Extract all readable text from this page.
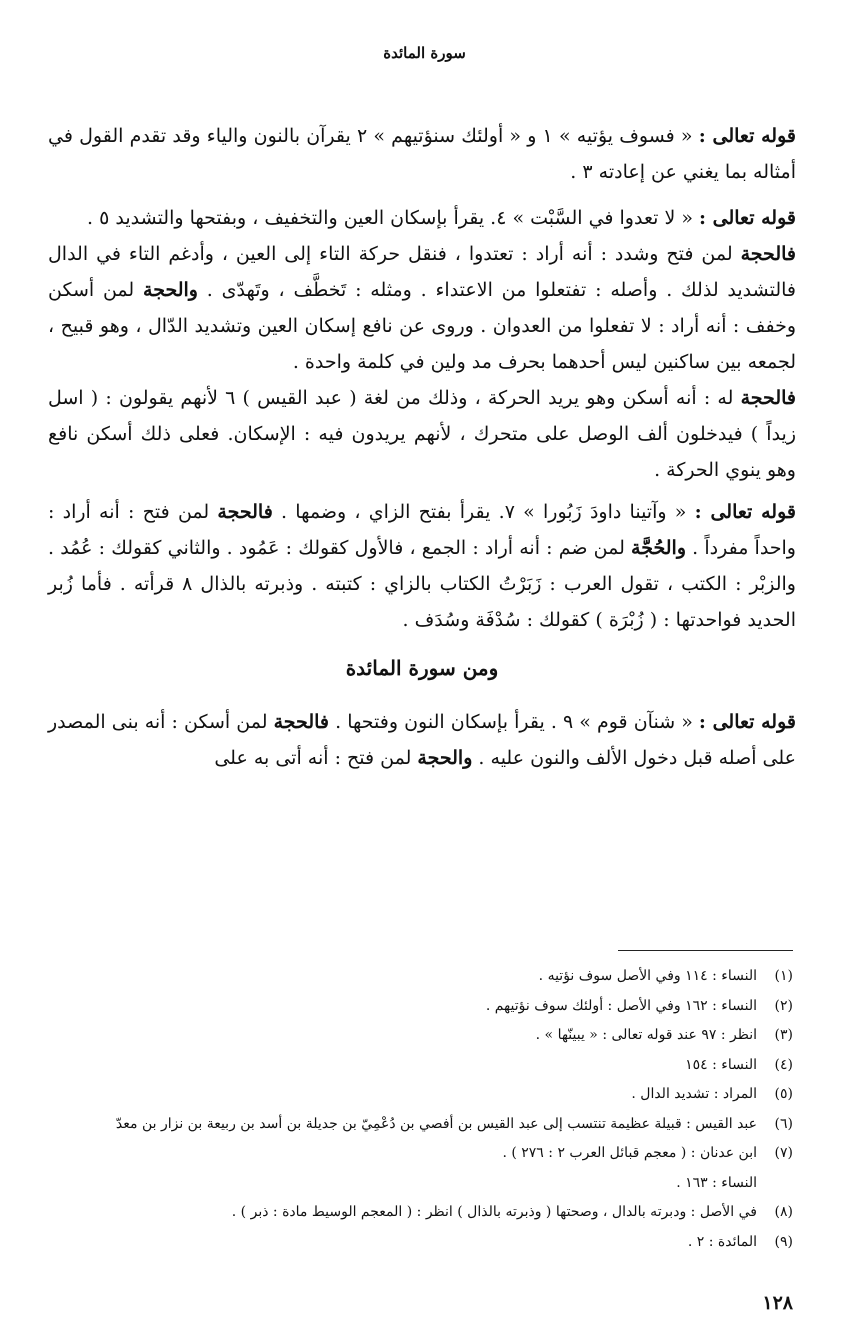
سورة المائدة

قوله تعالى : « فسوف يؤتيه » ١ و « أولئك سنؤتيهم » ٢ يقرآن بالنون والياء وقد تقدم القول في أمثاله بما يغني عن إعادته ٣ .

قوله تعالى : « لا تعدوا في السَّبْت » ٤. يقرأ بإسكان العين والتخفيف ، وبفتحها والتشديد ٥ .
فالحجة لمن فتح وشدد : أنه أراد : تعتدوا ، فنقل حركة التاء إلى العين ، وأدغم التاء في الدال فالتشديد لذلك . وأصله : تفتعلوا من الاعتداء . ومثله : تَخطَّف ، وتَهدّى . والحجة لمن أسكن وخفف : أنه أراد : لا تفعلوا من العدوان . وروى عن نافع إسكان العين وتشديد الدّال ، وهو قبيح ، لجمعه بين ساكنين ليس أحدهما بحرف مد ولين في كلمة واحدة .
فالحجة له : أنه أسكن وهو يريد الحركة ، وذلك من لغة ( عبد القيس ) ٦ لأنهم يقولون : ( اسل زيداً ) فيدخلون ألف الوصل على متحرك ، لأنهم يريدون فيه : الإسكان. فعلى ذلك أسكن نافع وهو ينوي الحركة .

قوله تعالى : « وآتينا داودَ زَبُورا » ٧. يقرأ بفتح الزاي ، وضمها . فالحجة لمن فتح : أنه أراد : واحداً مفرداً . والحُجَّة لمن ضم : أنه أراد : الجمع ، فالأول كقولك : عَمُود . والثاني كقولك : عُمُد . والزبْر : الكتب ، تقول العرب : زَبَرْتُ الكتاب بالزاي : كتبته . وذبرته بالذال ٨ قرأته . فأما زُبر الحديد فواحدتها : ( زُبْرَة ) كقولك : سُدْفَة وسُدَف .

ومن سورة المائدة

قوله تعالى : « شنآن قوم » ٩ . يقرأ بإسكان النون وفتحها . فالحجة لمن أسكن : أنه بنى المصدر على أصله قبل دخول الألف والنون عليه . والحجة لمن فتح : أنه أتى به على

(١)النساء : ١١٤ وفي الأصل سوف نؤتيه .
(٢)النساء : ١٦٢ وفي الأصل : أولئك سوف نؤتيهم .
(٣)انظر : ٩٧ عند قوله تعالى : « يبينّها » .
(٤)النساء : ١٥٤
(٥)المراد : تشديد الدال .
(٦)عبد القيس : قبيلة عظيمة تنتسب إلى عبد القيس بن أفصي بن دُعْمِيّ بن جديلة بن أسد بن ربيعة بن نزار بن معدّ
(٧)ابن عدنان : ( معجم قبائل العرب ٢ : ٢٧٦ ) .
النساء : ١٦٣ .
(٨)في الأصل : ودبرته بالدال ، وصحتها ( وذبرته بالذال ) انظر : ( المعجم الوسيط مادة : ذبر ) .
(٩)المائدة : ٢ .
١٢٨
